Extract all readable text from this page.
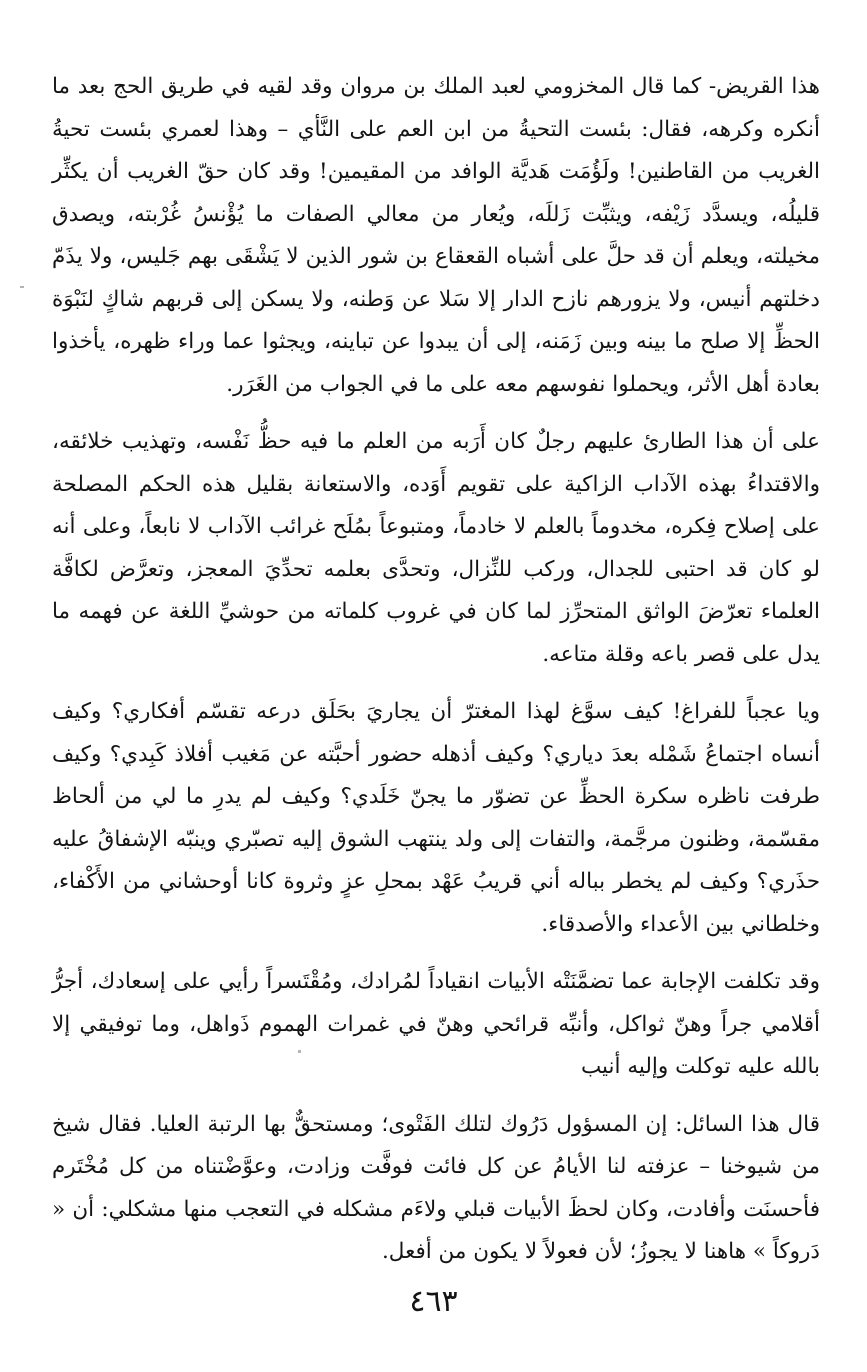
هذا القريض- كما قال المخزومي لعبد الملك بن مروان وقد لقيه في طريق الحج بعد ما أنكره وكرهه، فقال: بئست التحيةُ من ابن العم على النَّأي – وهذا لعمري بئست تحيةُ الغريب من القاطنين! ولَؤُمَت هَديَّة الوافد من المقيمين! وقد كان حقّ الغريب أن يكثِّر قليلُه، ويسدَّد زَيْفه، ويثبِّت زَللَه، ويُعار من معالي الصفات ما يُؤْنسُ غُرْبته، ويصدق مخيلته، ويعلم أن قد حلَّ على أشباه القعقاع بن شور الذين لا يَشْقَى بهم جَليس، ولا يذَمّ دخلتهم أنيس، ولا يزورهم نازح الدار إلا سَلا عن وَطنه، ولا يسكن إلى قربهم شاكٍ لنَبْوَة الحظِّ إلا صلح ما بينه وبين زَمَنه، إلى أن يبدوا عن تباينه، ويجثوا عما وراء ظهره، يأخذوا بعادة أهل الأثر، ويحملوا نفوسهم معه على ما في الجواب من الغَرَر.

على أن هذا الطارئ عليهم رجلٌ كان أَرَبه من العلم ما فيه حظُّ نَفْسه، وتهذيب خلائقه، والاقتداءُ بهذه الآداب الزاكية على تقويم أَوَده، والاستعانة بقليل هذه الحكم المصلحة على إصلاح فِكره، مخدوماً بالعلم لا خادماً، ومتبوعاً بمُلَح غرائب الآداب لا نابعاً، وعلى أنه لو كان قد احتبى للجدال، وركب للنِّزال، وتحدَّى بعلمه تحدِّيَ المعجز، وتعرَّض لكافَّة العلماء تعرّضَ الواثق المتحرِّز لما كان في غروب كلماته من حوشيِّ اللغة عن فهمه ما يدل على قصر باعه وقلة متاعه.

ويا عجباً للفراغ! كيف سوَّغ لهذا المغترّ أن يجاريَ بحَلَق درعه تقسّم أفكاري؟ وكيف أنساه اجتماعُ شَمْله بعدَ دياري؟ وكيف أذهله حضور أحبَّته عن مَغيب أفلاذ كَبِدي؟ وكيف طرفت ناظره سكرة الحظِّ عن تضوّر ما يجنّ خَلَدي؟ وكيف لم يدرِ ما لي من ألحاظ مقسّمة، وظنون مرجَّمة، والتفات إلى ولد ينتهب الشوق إليه تصبّري وينبّه الإشفاقُ عليه حذَري؟ وكيف لم يخطر بباله أني قريبُ عَهْد بمحلِ عزٍ وثروة كانا أوحشاني من الأَكْفاء، وخلطاني بين الأعداء والأصدقاء.

وقد تكلفت الإجابة عما تضمَّنَتْه الأبيات انقياداً لمُرادك، ومُقْتَسراً رأيي على إسعادك، أجرُّ أقلامي جراً وهنّ ثواكل، وأنبِّه قرائحي وهنّ في غمرات الهموم ذَواهل، وما توفيقي إلا بالله عليه توكلت وإليه أنيب

قال هذا السائل: إن المسؤول دَرُوك لتلك الفَتْوى؛ ومستحقٌّ بها الرتبة العليا. فقال شيخ من شيوخنا – عزفته لنا الأيامُ عن كل فائت فوفَّت وزادت، وعوَّضْتناه من كل مُخْتَرم فأحسنَت وأفادت، وكان لحظَ الأبيات قبلي ولاءَم مشكله في التعجب منها مشكلي: أن « دَروكاً » هاهنا لا يجوزُ؛ لأن فعولاً لا يكون من أفعل.

٤٦٣
